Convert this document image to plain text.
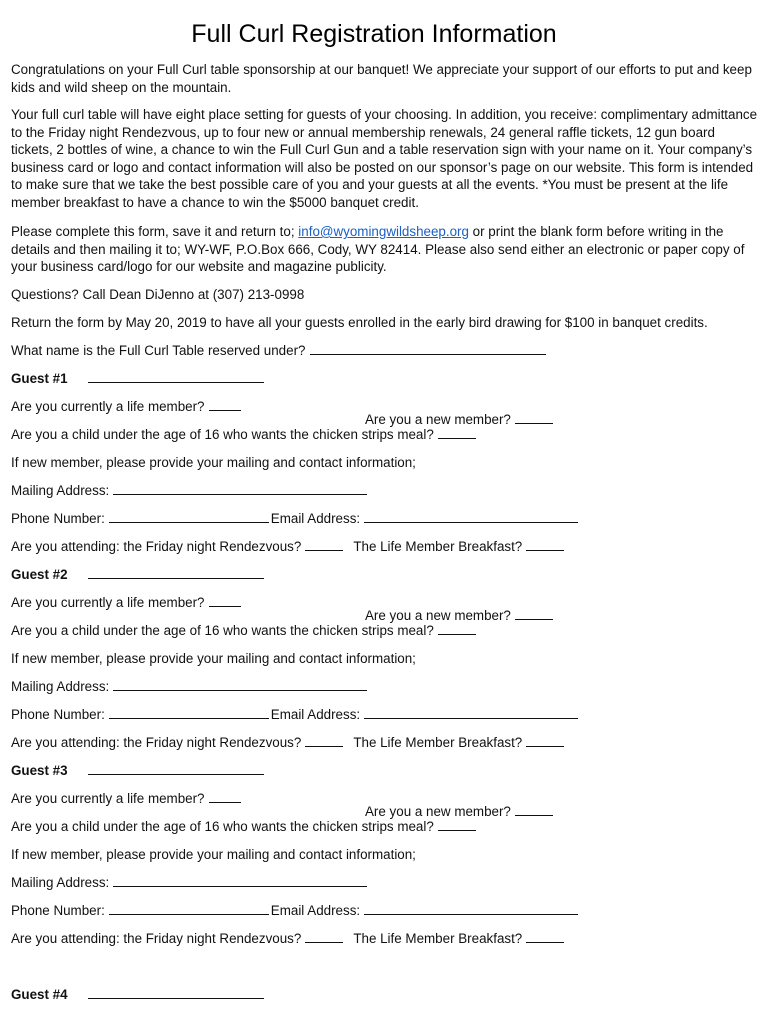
Full Curl Registration Information

Congratulations on your Full Curl table sponsorship at our banquet! We appreciate your support of our efforts to put and keep kids and wild sheep on the mountain.

Your full curl table will have eight place setting for guests of your choosing. In addition, you receive: complimentary admittance to the Friday night Rendezvous, up to four new or annual membership renewals, 24 general raffle tickets, 12 gun board tickets, 2 bottles of wine, a chance to win the Full Curl Gun and a table reservation sign with your name on it. Your company’s business card or logo and contact information will also be posted on our sponsor’s page on our website. This form is intended to make sure that we take the best possible care of you and your guests at all the events. *You must be present at the life member breakfast to have a chance to win the $5000 banquet credit.

Please complete this form, save it and return to; info@wyomingwildsheep.org or print the blank form before writing in the details and then mailing it to; WY-WF, P.O.Box 666, Cody, WY 82414. Please also send either an electronic or paper copy of your business card/logo for our website and magazine publicity.

Questions? Call Dean DiJenno at (307) 213-0998

Return the form by May 20, 2019 to have all your guests enrolled in the early bird drawing for $100 in banquet credits.

What name is the Full Curl Table reserved under?

Guest #1

Are you currently a life member?

Are you a new member?

Are you a child under the age of 16 who wants the chicken strips meal?

If new member, please provide your mailing and contact information;

Mailing Address:

Phone Number:	Email Address:

Are you attending: the Friday night Rendezvous?	The Life Member Breakfast?

Guest #2

Are you currently a life member?

Are you a new member?

Are you a child under the age of 16 who wants the chicken strips meal?

If new member, please provide your mailing and contact information;

Mailing Address:

Phone Number:	Email Address:

Are you attending: the Friday night Rendezvous?	The Life Member Breakfast?

Guest #3

Are you currently a life member?

Are you a new member?

Are you a child under the age of 16 who wants the chicken strips meal?

If new member, please provide your mailing and contact information;

Mailing Address:

Phone Number:	Email Address:

Are you attending: the Friday night Rendezvous?	The Life Member Breakfast?

Guest #4
